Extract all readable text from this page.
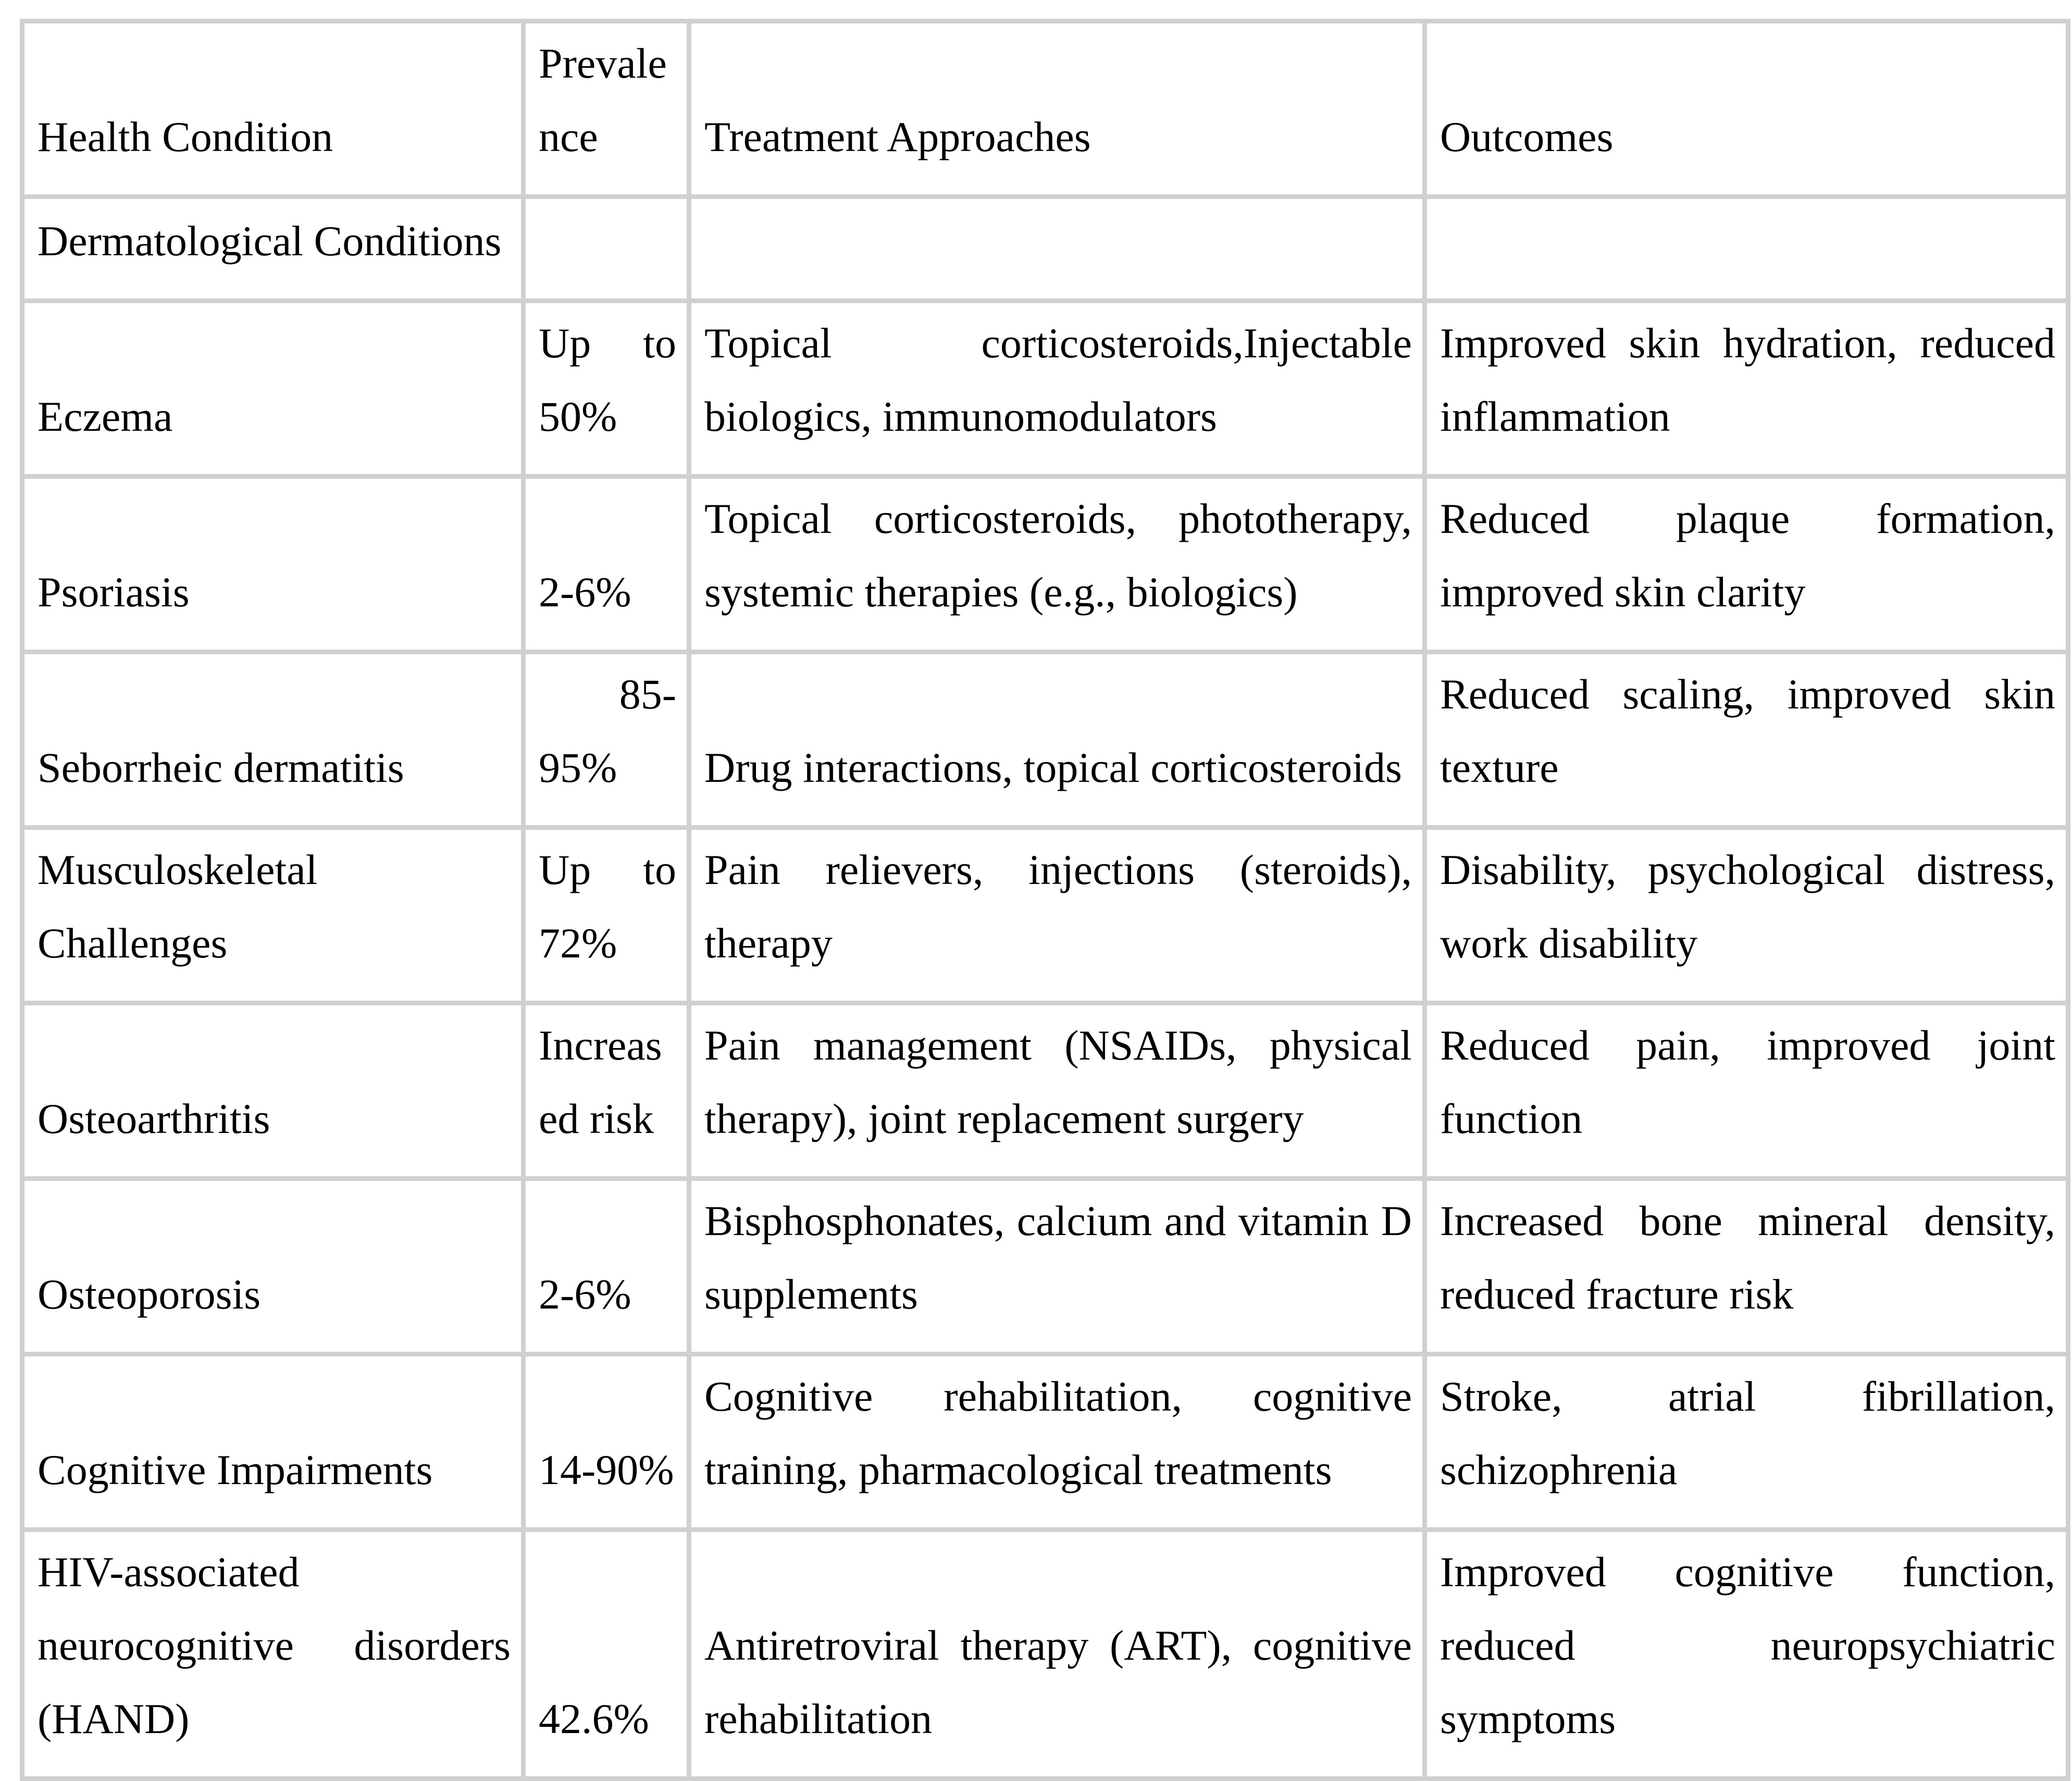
Health Condition	Prevalence	Treatment Approaches	Outcomes
Dermatological Conditions			
Eczema	Up to 50%	Topical corticosteroids,Injectable biologics, immunomodulators	Improved skin hydration, reduced inflammation
Psoriasis	2-6%	Topical corticosteroids, phototherapy, systemic therapies (e.g., biologics)	Reduced plaque formation, improved skin clarity
Seborrheic dermatitis	85- 95%	Drug interactions, topical corticosteroids	Reduced scaling, improved skin texture
Musculoskeletal Challenges	Up to 72%	Pain relievers, injections (steroids), therapy	Disability, psychological distress, work disability
Osteoarthritis	Increased risk	Pain management (NSAIDs, physical therapy), joint replacement surgery	Reduced pain, improved joint function
Osteoporosis	2-6%	Bisphosphonates, calcium and vitamin D supplements	Increased bone mineral density, reduced fracture risk
Cognitive Impairments	14-90%	Cognitive rehabilitation, cognitive training, pharmacological treatments	Stroke, atrial fibrillation, schizophrenia
HIV-associated neurocognitive disorders (HAND)	42.6%	Antiretroviral therapy (ART), cognitive rehabilitation	Improved cognitive function, reduced neuropsychiatric symptoms
